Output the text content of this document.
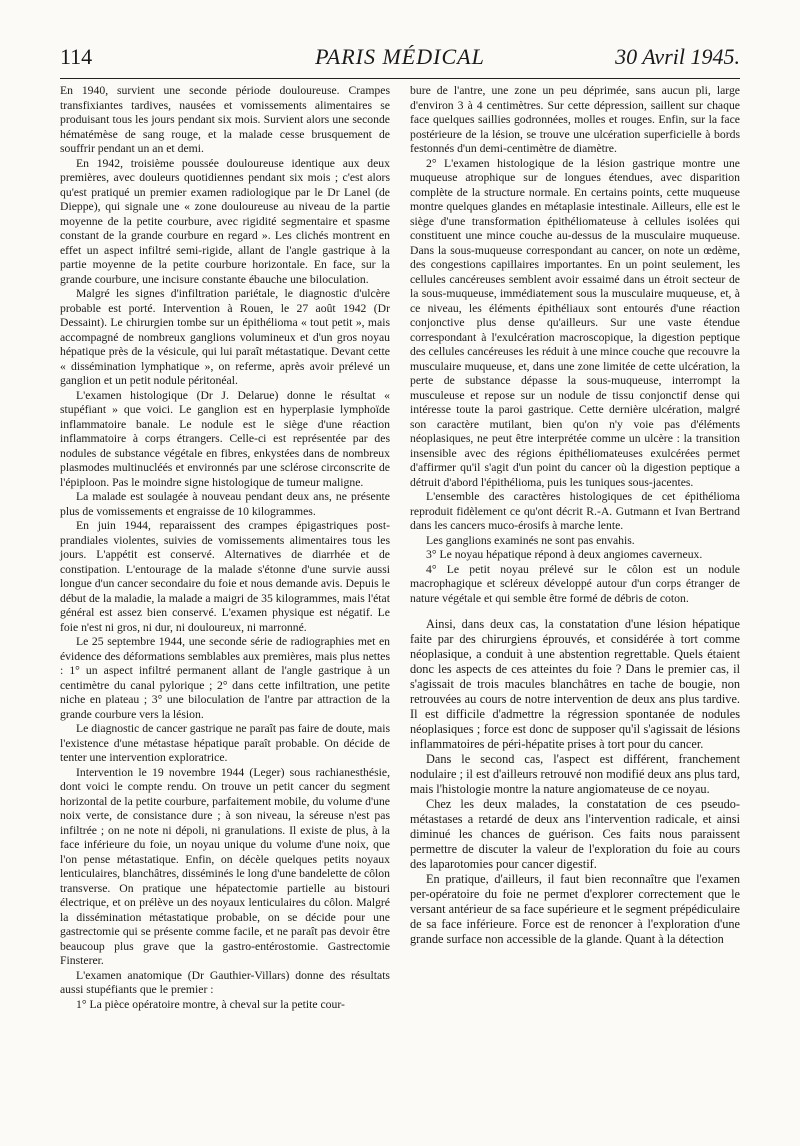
114	PARIS MÉDICAL	30 Avril 1945.

En 1940, survient une seconde période douloureuse. Crampes transfixiantes tardives, nausées et vomissements alimentaires se produisant tous les jours pendant six mois. Survient alors une seconde hématémèse de sang rouge, et la malade cesse brusquement de souffrir pendant un an et demi.

En 1942, troisième poussée douloureuse identique aux deux premières, avec douleurs quotidiennes pendant six mois ; c'est alors qu'est pratiqué un premier examen radiologique par le Dr Lanel (de Dieppe), qui signale une « zone douloureuse au niveau de la partie moyenne de la petite courbure, avec rigidité segmentaire et spasme constant de la grande courbure en regard ». Les clichés montrent en effet un aspect infiltré semi-rigide, allant de l'angle gastrique à la partie moyenne de la petite courbure horizontale. En face, sur la grande courbure, une incisure constante ébauche une biloculation.

Malgré les signes d'infiltration pariétale, le diagnostic d'ulcère probable est porté. Intervention à Rouen, le 27 août 1942 (Dr Dessaint). Le chirurgien tombe sur un épithélioma « tout petit », mais accompagné de nombreux ganglions volumineux et d'un gros noyau hépatique près de la vésicule, qui lui paraît métastatique. Devant cette « dissémination lymphatique », on referme, après avoir prélevé un ganglion et un petit nodule péritonéal.

L'examen histologique (Dr J. Delarue) donne le résultat « stupéfiant » que voici. Le ganglion est en hyperplasie lymphoïde inflammatoire banale. Le nodule est le siège d'une réaction inflammatoire à corps étrangers. Celle-ci est représentée par des nodules de substance végétale en fibres, enkystées dans de nombreux plasmodes multinucléés et environnés par une sclérose circonscrite de l'épiploon. Pas le moindre signe histologique de tumeur maligne.

La malade est soulagée à nouveau pendant deux ans, ne présente plus de vomissements et engraisse de 10 kilogrammes.

En juin 1944, reparaissent des crampes épigastriques post-prandiales violentes, suivies de vomissements alimentaires tous les jours. L'appétit est conservé. Alternatives de diarrhée et de constipation. L'entourage de la malade s'étonne d'une survie aussi longue d'un cancer secondaire du foie et nous demande avis. Depuis le début de la maladie, la malade a maigri de 35 kilogrammes, mais l'état général est assez bien conservé. L'examen physique est négatif. Le foie n'est ni gros, ni dur, ni douloureux, ni marronné.

Le 25 septembre 1944, une seconde série de radiographies met en évidence des déformations semblables aux premières, mais plus nettes : 1° un aspect infiltré permanent allant de l'angle gastrique à un centimètre du canal pylorique ; 2° dans cette infiltration, une petite niche en plateau ; 3° une biloculation de l'antre par attraction de la grande courbure vers la lésion.

Le diagnostic de cancer gastrique ne paraît pas faire de doute, mais l'existence d'une métastase hépatique paraît probable. On décide de tenter une intervention exploratrice.

Intervention le 19 novembre 1944 (Leger) sous rachianesthésie, dont voici le compte rendu. On trouve un petit cancer du segment horizontal de la petite courbure, parfaitement mobile, du volume d'une noix verte, de consistance dure ; à son niveau, la séreuse n'est pas infiltrée ; on ne note ni dépoli, ni granulations. Il existe de plus, à la face inférieure du foie, un noyau unique du volume d'une noix, que l'on pense métastatique. Enfin, on décèle quelques petits noyaux lenticulaires, blanchâtres, disséminés le long d'une bandelette de côlon transverse. On pratique une hépatectomie partielle au bistouri électrique, et on prélève un des noyaux lenticulaires du côlon. Malgré la dissémination métastatique probable, on se décide pour une gastrectomie qui se présente comme facile, et ne paraît pas devoir être beaucoup plus grave que la gastro-entérostomie. Gastrectomie Finsterer.

L'examen anatomique (Dr Gauthier-Villars) donne des résultats aussi stupéfiants que le premier :

1° La pièce opératoire montre, à cheval sur la petite cour-

bure de l'antre, une zone un peu déprimée, sans aucun pli, large d'environ 3 à 4 centimètres. Sur cette dépression, saillent sur chaque face quelques saillies godronnées, molles et rouges. Enfin, sur la face postérieure de la lésion, se trouve une ulcération superficielle à bords festonnés d'un demi-centimètre de diamètre.

2° L'examen histologique de la lésion gastrique montre une muqueuse atrophique sur de longues étendues, avec disparition complète de la structure normale. En certains points, cette muqueuse montre quelques glandes en métaplasie intestinale. Ailleurs, elle est le siège d'une transformation épithéliomateuse à cellules isolées qui constituent une mince couche au-dessus de la musculaire muqueuse. Dans la sous-muqueuse correspondant au cancer, on note un œdème, des congestions capillaires importantes. En un point seulement, les cellules cancéreuses semblent avoir essaimé dans un étroit secteur de la sous-muqueuse, immédiatement sous la musculaire muqueuse, et, à ce niveau, les éléments épithéliaux sont entourés d'une réaction conjonctive plus dense qu'ailleurs. Sur une vaste étendue correspondant à l'exulcération macroscopique, la digestion peptique des cellules cancéreuses les réduit à une mince couche que recouvre la musculaire muqueuse, et, dans une zone limitée de cette ulcération, la perte de substance dépasse la sous-muqueuse, interrompt la musculeuse et repose sur un nodule de tissu conjonctif dense qui intéresse toute la paroi gastrique. Cette dernière ulcération, malgré son caractère mutilant, bien qu'on n'y voie pas d'éléments néoplasiques, ne peut être interprétée comme un ulcère : la transition insensible avec des régions épithéliomateuses exulcérées permet d'affirmer qu'il s'agit d'un point du cancer où la digestion peptique a détruit d'abord l'épithélioma, puis les tuniques sous-jacentes.

L'ensemble des caractères histologiques de cet épithélioma reproduit fidèlement ce qu'ont décrit R.-A. Gutmann et Ivan Bertrand dans les cancers muco-érosifs à marche lente.

Les ganglions examinés ne sont pas envahis.

3° Le noyau hépatique répond à deux angiomes caverneux.

4° Le petit noyau prélevé sur le côlon est un nodule macrophagique et scléreux développé autour d'un corps étranger de nature végétale et qui semble être formé de débris de coton.

Ainsi, dans deux cas, la constatation d'une lésion hépatique faite par des chirurgiens éprouvés, et considérée à tort comme néoplasique, a conduit à une abstention regrettable. Quels étaient donc les aspects de ces atteintes du foie ? Dans le premier cas, il s'agissait de trois macules blanchâtres en tache de bougie, non retrouvées au cours de notre intervention de deux ans plus tardive. Il est difficile d'admettre la régression spontanée de nodules néoplasiques ; force est donc de supposer qu'il s'agissait de lésions inflammatoires de péri-hépatite prises à tort pour du cancer.

Dans le second cas, l'aspect est différent, franchement nodulaire ; il est d'ailleurs retrouvé non modifié deux ans plus tard, mais l'histologie montre la nature angiomateuse de ce noyau.

Chez les deux malades, la constatation de ces pseudo-métastases a retardé de deux ans l'intervention radicale, et ainsi diminué les chances de guérison. Ces faits nous paraissent permettre de discuter la valeur de l'exploration du foie au cours des laparotomies pour cancer digestif.

En pratique, d'ailleurs, il faut bien reconnaître que l'examen per-opératoire du foie ne permet d'explorer correctement que le versant antérieur de sa face supérieure et le segment prépédiculaire de sa face inférieure. Force est de renoncer à l'exploration d'une grande surface non accessible de la glande. Quant à la détection
